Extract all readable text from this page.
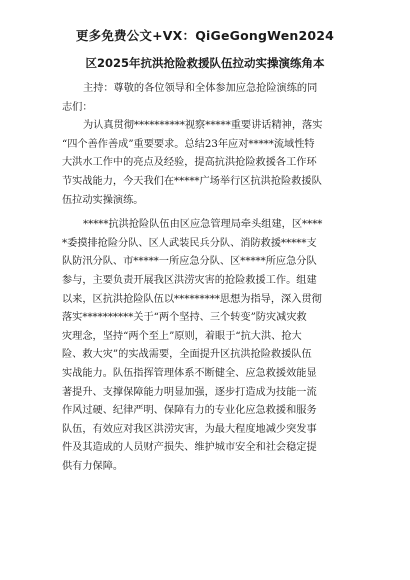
更多免费公文+VX：QiGeGongWen2024
区2025年抗洪抢险救援队伍拉动实操演练角本
主持：尊敬的各位领导和全体参加应急抢险演练的同
志们：
为认真贯彻**********视察*****重要讲话精神，落实
“四个善作善成”重要要求。总结23年应对*****流域性特
大洪水工作中的亮点及经验，提高抗洪抢险救援各工作环
节实战能力，今天我们在*****广场举行区抗洪抢险救援队
伍拉动实操演练。
*****抗洪抢险队伍由区应急管理局牵头组建，区****
*委摸排抢险分队、区人武装民兵分队、消防救援*****支
队防汛分队、市*****一所应急分队、区*****所应急分队
参与，主要负责开展我区洪涝灾害的抢险救援工作。组建
以来，区抗洪抢险队伍以*********思想为指导，深入贯彻
落实**********关于“两个坚持、三个转变”防灾减灾救
灾理念，坚持“两个至上”原则，着眼于“抗大洪、抢大
险、救大灾”的实战需要，全面提升区抗洪抢险救援队伍
实战能力。队伍指挥管理体系不断健全、应急救援效能显
著提升、支撑保障能力明显加强，逐步打造成为技能一流
作风过硬、纪律严明、保障有力的专业化应急救援和服务
队伍，有效应对我区洪涝灾害，为最大程度地减少突发事
件及其造成的人员财产损失、维护城市安全和社会稳定提
供有力保障。
